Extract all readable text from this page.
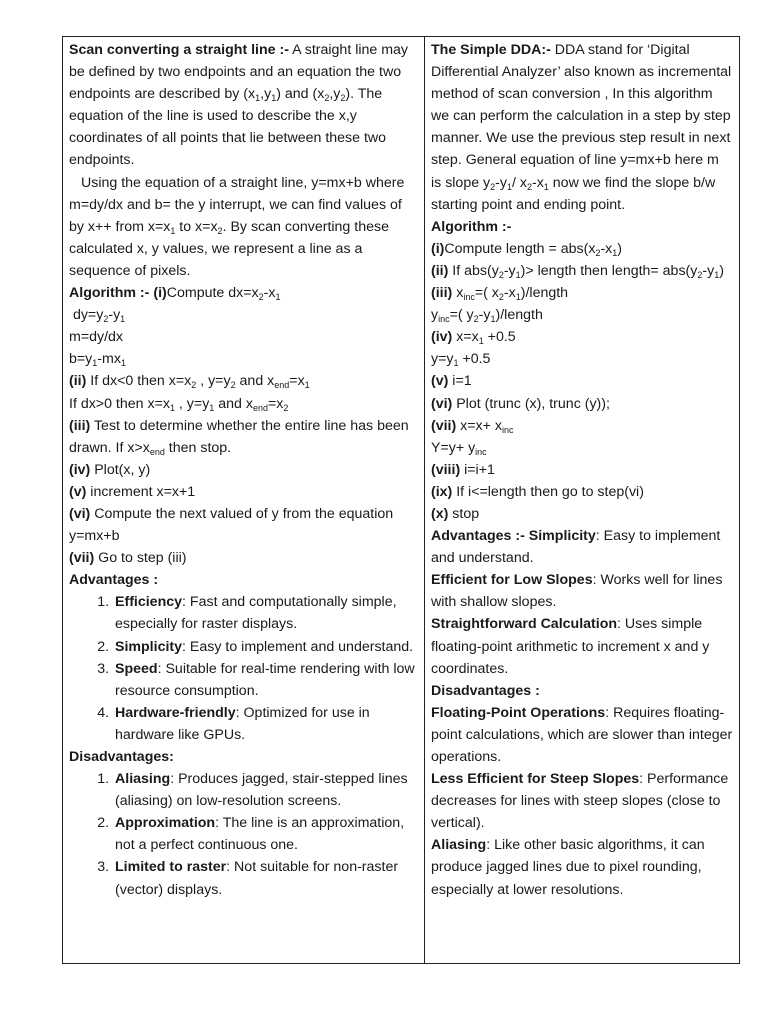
Scan converting a straight line :- A straight line may be defined by two endpoints and an equation the two endpoints are described by $(x_1,y_1)$ and $(x_2,y_2)$. The equation of the line is used to describe the x,y coordinates of all points that lie between these two endpoints.

Using the equation of a straight line, y=mx+b where m=dy/dx and b= the y interrupt, we can find values of by x++ from $x=x_1$ to $x=x_2$. By scan converting these calculated x, y values, we represent a line as a sequence of pixels.

Algorithm :- (i)Compute $dx=x_2-x_1$

$dy=y_2-y_1$

m=dy/dx

$b=y_1-mx_1$

(ii) If dx<0 then $x=x_2$ , $y=y_2$ and $x_{end}=x_1$

If dx>0 then $x=x_1$ , $y=y_1$ and $x_{end}=x_2$

(iii) Test to determine whether the entire line has been drawn. If $x>x_{end}$ then stop.

(iv) Plot(x, y)

(v) increment x=x+1

(vi) Compute the next valued of y from the equation y=mx+b

(vii) Go to step (iii)

Advantages :

1. Efficiency: Fast and computationally simple, especially for raster displays.
2. Simplicity: Easy to implement and understand.
3. Speed: Suitable for real-time rendering with low resource consumption.
4. Hardware-friendly: Optimized for use in hardware like GPUs.

Disadvantages:

1. Aliasing: Produces jagged, stair-stepped lines (aliasing) on low-resolution screens.
2. Approximation: The line is an approximation, not a perfect continuous one.
3. Limited to raster: Not suitable for non-raster (vector) displays.

The Simple DDA:- DDA stand for ‘Digital Differential Analyzer’ also known as incremental method of scan conversion , In this algorithm we can perform the calculation in a step by step manner. We use the previous step result in next step. General equation of line y=mx+b here m is slope $y_2-y_1/$ $x_2-x_1$ now we find the slope b/w starting point and ending point.

Algorithm :-

(i)Compute length = $abs(x_2-x_1)$

(ii) If $abs(y_2-y_1)>$ length then length= $abs(y_2-y_1)$

(iii) $x_{inc}=$( $x_2-x_1$)/length

$y_{inc}=$( $y_2-y_1$)/length

(iv) $x=x_1 +0.5$

$y=y_1 +0.5$

(v) i=1

(vi) Plot (trunc (x), trunc (y));

(vii) $x=x+ x_{inc}$

$Y=y+ y_{inc}$

(viii) i=i+1

(ix) If i<=length then go to step(vi)

(x) stop

Advantages :- Simplicity: Easy to implement and understand.

Efficient for Low Slopes: Works well for lines with shallow slopes.

Straightforward Calculation: Uses simple floating-point arithmetic to increment x and y coordinates.

Disadvantages :

Floating-Point Operations: Requires floating-point calculations, which are slower than integer operations.

Less Efficient for Steep Slopes: Performance decreases for lines with steep slopes (close to vertical).

Aliasing: Like other basic algorithms, it can produce jagged lines due to pixel rounding, especially at lower resolutions.
